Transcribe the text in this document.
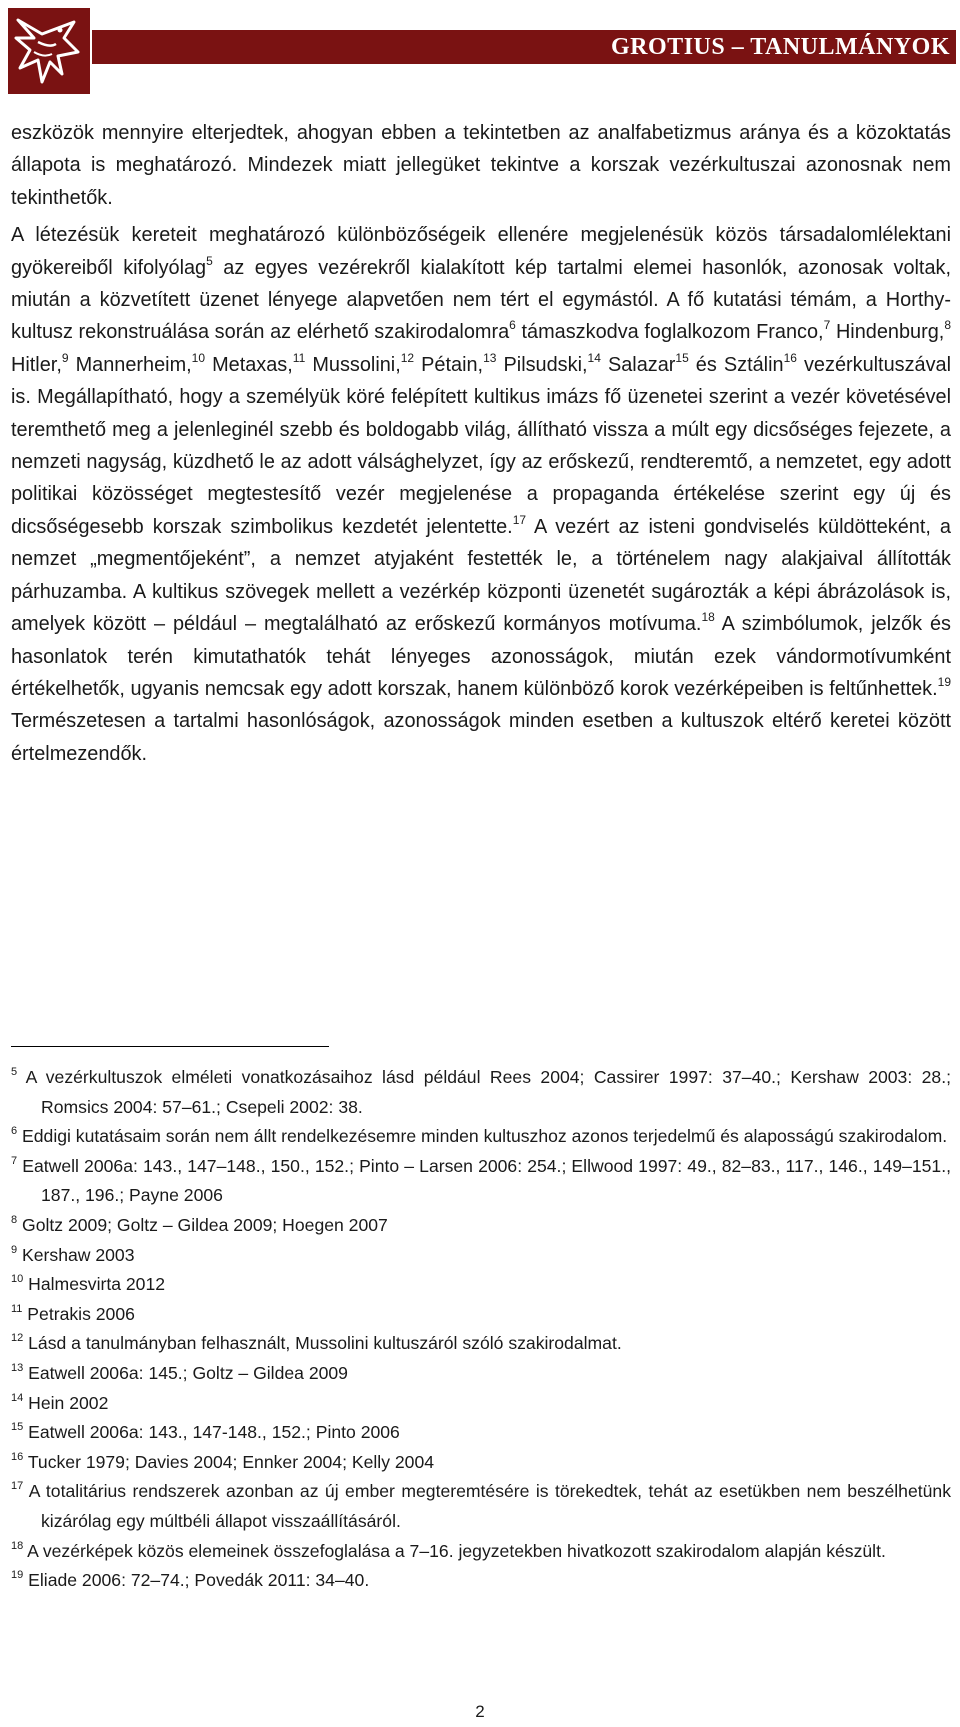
GROTIUS – TANULMÁNYOK

eszközök mennyire elterjedtek, ahogyan ebben a tekintetben az analfabetizmus aránya és a közoktatás állapota is meghatározó. Mindezek miatt jellegüket tekintve a korszak vezérkultuszai azonosnak nem tekinthetők.

A létezésük kereteit meghatározó különbözőségeik ellenére megjelenésük közös társadalomlélektani gyökereiből kifolyólag$^5$ az egyes vezérekről kialakított kép tartalmi elemei hasonlók, azonosak voltak, miután a közvetített üzenet lényege alapvetően nem tért el egymástól. A fő kutatási témám, a Horthy-kultusz rekonstruálása során az elérhető szakirodalomra$^6$ támaszkodva foglalkozom Franco,$^7$ Hindenburg,$^8$ Hitler,$^9$ Mannerheim,$^{10}$ Metaxas,$^{11}$ Mussolini,$^{12}$ Pétain,$^{13}$ Pilsudski,$^{14}$ Salazar$^{15}$ és Sztálin$^{16}$ vezérkultuszával is. Megállapítható, hogy a személyük köré felépített kultikus imázs fő üzenetei szerint a vezér követésével teremthető meg a jelenleginél szebb és boldogabb világ, állítható vissza a múlt egy dicsőséges fejezete, a nemzeti nagyság, küzdhető le az adott válsághelyzet, így az erőskezű, rendteremtő, a nemzetet, egy adott politikai közösséget megtestesítő vezér megjelenése a propaganda értékelése szerint egy új és dicsőségesebb korszak szimbolikus kezdetét jelentette.$^{17}$ A vezért az isteni gondviselés küldötteként, a nemzet „megmentőjeként”, a nemzet atyjaként festették le, a történelem nagy alakjaival állították párhuzamba. A kultikus szövegek mellett a vezérkép központi üzenetét sugározták a képi ábrázolások is, amelyek között – például – megtalálható az erőskezű kormányos motívuma.$^{18}$ A szimbólumok, jelzők és hasonlatok terén kimutathatók tehát lényeges azonosságok, miután ezek vándormotívumként értékelhetők, ugyanis nemcsak egy adott korszak, hanem különböző korok vezérképeiben is feltűnhettek.$^{19}$ Természetesen a tartalmi hasonlóságok, azonosságok minden esetben a kultuszok eltérő keretei között értelmezendők.

$^5$ A vezérkultuszok elméleti vonatkozásaihoz lásd például Rees 2004; Cassirer 1997: 37–40.; Kershaw 2003: 28.; Romsics 2004: 57–61.; Csepeli 2002: 38.

$^6$ Eddigi kutatásaim során nem állt rendelkezésemre minden kultuszhoz azonos terjedelmű és alaposságú szakirodalom.

$^7$ Eatwell 2006a: 143., 147–148., 150., 152.; Pinto – Larsen 2006: 254.; Ellwood 1997: 49., 82–83., 117., 146., 149–151., 187., 196.; Payne 2006

$^8$ Goltz 2009; Goltz – Gildea 2009; Hoegen 2007

$^9$ Kershaw 2003

$^{10}$ Halmesvirta 2012

$^{11}$ Petrakis 2006

$^{12}$ Lásd a tanulmányban felhasznált, Mussolini kultuszáról szóló szakirodalmat.

$^{13}$ Eatwell 2006a: 145.; Goltz – Gildea 2009

$^{14}$ Hein 2002

$^{15}$ Eatwell 2006a: 143., 147-148., 152.; Pinto 2006

$^{16}$ Tucker 1979; Davies 2004; Ennker 2004; Kelly 2004

$^{17}$ A totalitárius rendszerek azonban az új ember megteremtésére is törekedtek, tehát az esetükben nem beszélhetünk kizárólag egy múltbéli állapot visszaállításáról.

$^{18}$ A vezérképek közös elemeinek összefoglalása a 7–16. jegyzetekben hivatkozott szakirodalom alapján készült.

$^{19}$ Eliade 2006: 72–74.; Povedák 2011: 34–40.

2
